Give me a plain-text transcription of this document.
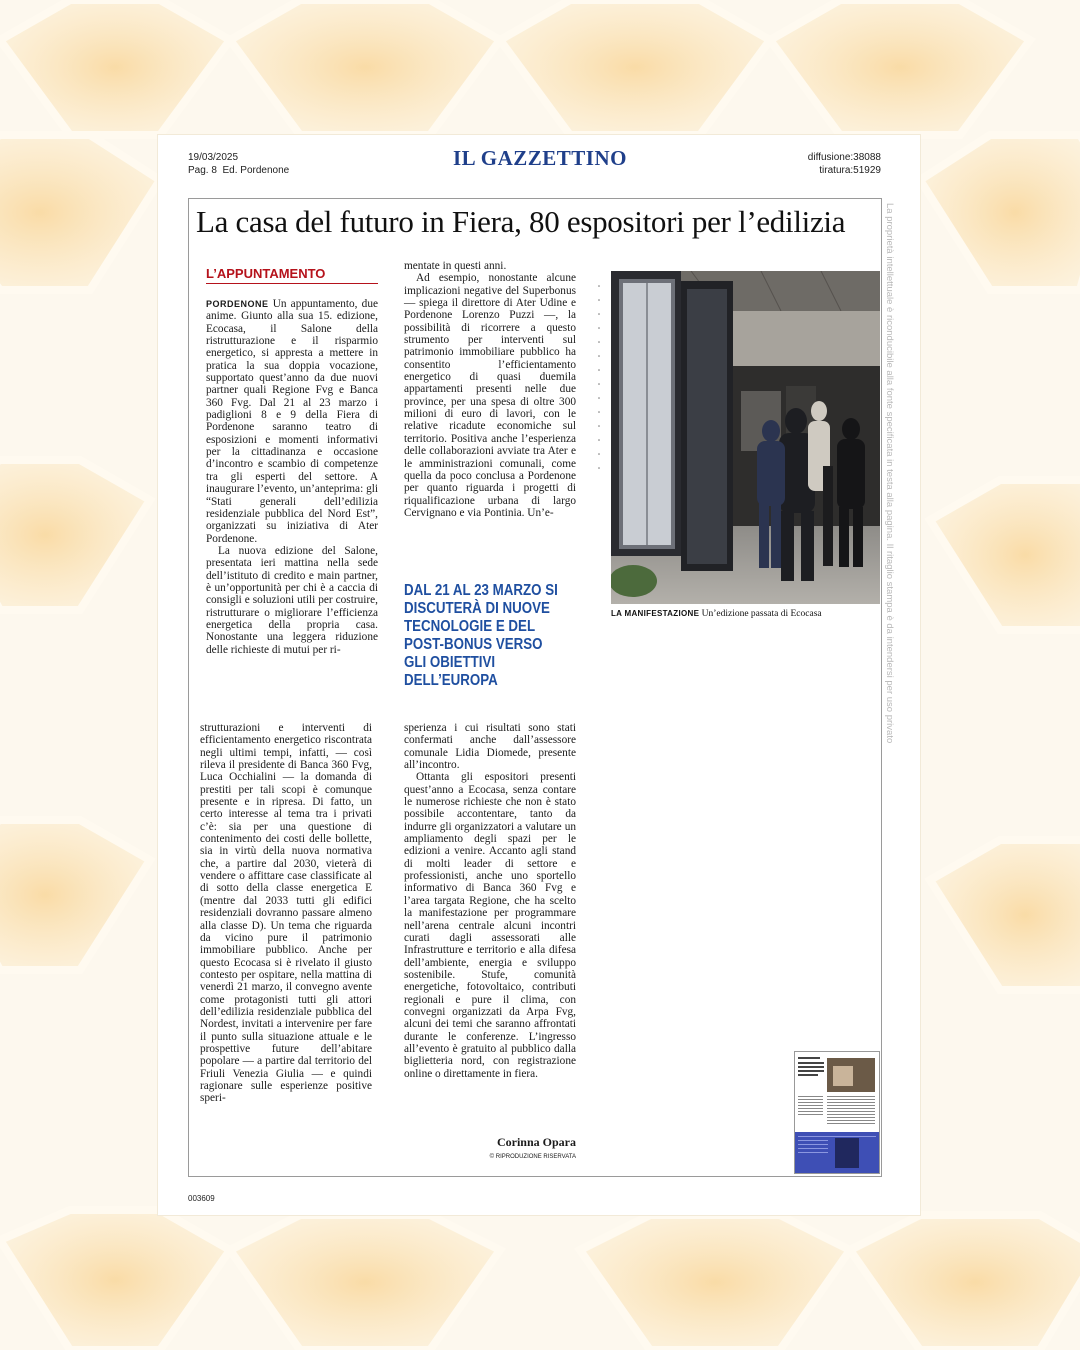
19/03/2025
Pag. 8 Ed. Pordenone
IL GAZZETTINO	diffusione:38088
tiratura:51929
La casa del futuro in Fiera, 80 espositori per l’edilizia
L’APPUNTAMENTO

PORDENONE Un appuntamento, due anime. Giunto alla sua 15. edizione, Ecocasa, il Salone della ristrutturazione e il risparmio energetico, si appresta a mettere in pratica la sua doppia vocazione, supportato quest’anno da due nuovi partner quali Regione Fvg e Banca 360 Fvg. Dal 21 al 23 marzo i padiglioni 8 e 9 della Fiera di Pordenone saranno teatro di esposizioni e momenti informativi per la cittadinanza e occasione d’incontro e scambio di competenze tra gli esperti del settore. A inaugurare l’evento, un’anteprima: gli “Stati generali dell’edilizia residenziale pubblica del Nord Est”, organizzati su iniziativa di Ater Pordenone.

La nuova edizione del Salone, presentata ieri mattina nella sede dell’istituto di credito e main partner, è un’opportunità per chi è a caccia di consigli e soluzioni utili per costruire, ristrutturare o migliorare l’efficienza energetica della propria casa. Nonostante una leggera riduzione delle richieste di mutui per ri-

mentate in questi anni.

Ad esempio, nonostante alcune implicazioni negative del Superbonus — spiega il direttore di Ater Udine e Pordenone Lorenzo Puzzi —, la possibilità di ricorrere a questo strumento per interventi sul patrimonio immobiliare pubblico ha consentito l’efficientamento energetico di quasi duemila appartamenti presenti nelle due province, per una spesa di oltre 300 milioni di euro di lavori, con le relative ricadute economiche sul territorio. Positiva anche l’esperienza delle collaborazioni avviate tra Ater e le amministrazioni comunali, come quella da poco conclusa a Pordenone per quanto riguarda i progetti di riqualificazione urbana di largo Cervignano e via Pontinia. Un’e-

DAL 21 AL 23 MARZO SI DISCUTERÀ DI NUOVE TECNOLOGIE E DEL POST-BONUS VERSO GLI OBIETTIVI DELL’EUROPA
LA MANIFESTAZIONE Un’edizione passata di Ecocasa

strutturazioni e interventi di efficientamento energetico riscontrata negli ultimi tempi, infatti, — così rileva il presidente di Banca 360 Fvg, Luca Occhialini — la domanda di prestiti per tali scopi è comunque presente e in ripresa. Di fatto, un certo interesse al tema tra i privati c’è: sia per una questione di contenimento dei costi delle bollette, sia in virtù della nuova normativa che, a partire dal 2030, vieterà di vendere o affittare case classificate al di sotto della classe energetica E (mentre dal 2033 tutti gli edifici residenziali dovranno passare almeno alla classe D). Un tema che riguarda da vicino pure il patrimonio immobiliare pubblico. Anche per questo Ecocasa si è rivelato il giusto contesto per ospitare, nella mattina di venerdì 21 marzo, il convegno avente come protagonisti tutti gli attori dell’edilizia residenziale pubblica del Nordest, invitati a intervenire per fare il punto sulla situazione attuale e le prospettive future dell’abitare popolare — a partire dal territorio del Friuli Venezia Giulia — e quindi ragionare sulle esperienze positive speri-

sperienza i cui risultati sono stati confermati anche dall’assessore comunale Lidia Diomede, presente all’incontro.

Ottanta gli espositori presenti quest’anno a Ecocasa, senza contare le numerose richieste che non è stato possibile accontentare, tanto da indurre gli organizzatori a valutare un ampliamento degli spazi per le edizioni a venire. Accanto agli stand di molti leader di settore e professionisti, anche uno sportello informativo di Banca 360 Fvg e l’area targata Regione, che ha scelto la manifestazione per programmare nell’arena centrale alcuni incontri curati dagli assessorati alle Infrastrutture e territorio e alla difesa dell’ambiente, energia e sviluppo sostenibile. Stufe, comunità energetiche, fotovoltaico, contributi regionali e pure il clima, con convegni organizzati da Arpa Fvg, alcuni dei temi che saranno affrontati durante le conferenze. L’ingresso all’evento è gratuito al pubblico dalla biglietteria nord, con registrazione online o direttamente in fiera.

Corinna Opara
© RIPRODUZIONE RISERVATA
La proprietà intellettuale è riconducibile alla fonte specificata in testa alla pagina. Il ritaglio stampa è da intendersi per uso privato
003609
